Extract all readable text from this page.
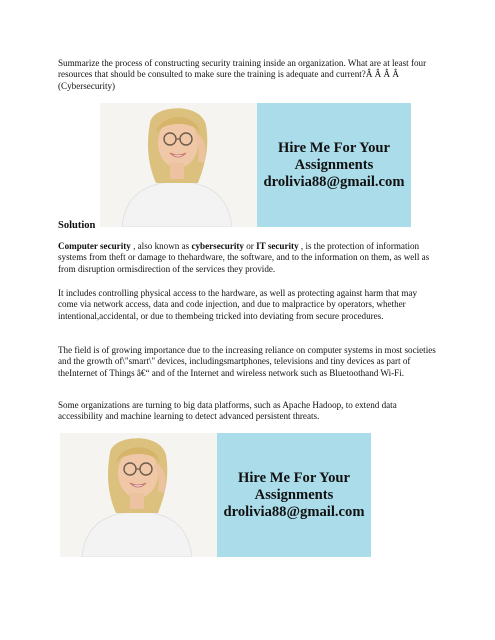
Summarize the process of constructing security training inside an organization. What are at least four resources that should be consulted to make sure the training is adequate and current?Â Â Â Â (Cybersecurity)

Hire Me For Your
Assignments
drolivia88@gmail.com
Solution

Computer security , also known as cybersecurity or IT security , is the protection of information systems from theft or damage to thehardware, the software, and to the information on them, as well as from disruption ormisdirection of the services they provide.

It includes controlling physical access to the hardware, as well as protecting against harm that may come via network access, data and code injection, and due to malpractice by operators, whether intentional,accidental, or due to thembeing tricked into deviating from secure procedures.

The field is of growing importance due to the increasing reliance on computer systems in most societies and the growth of\"smart\" devices, includingsmartphones, televisions and tiny devices as part of theInternet of Things â€“ and of the Internet and wireless network such as Bluetoothand Wi-Fi.

Some organizations are turning to big data platforms, such as Apache Hadoop, to extend data accessibility and machine learning to detect advanced persistent threats.

Hire Me For Your
Assignments
drolivia88@gmail.com
